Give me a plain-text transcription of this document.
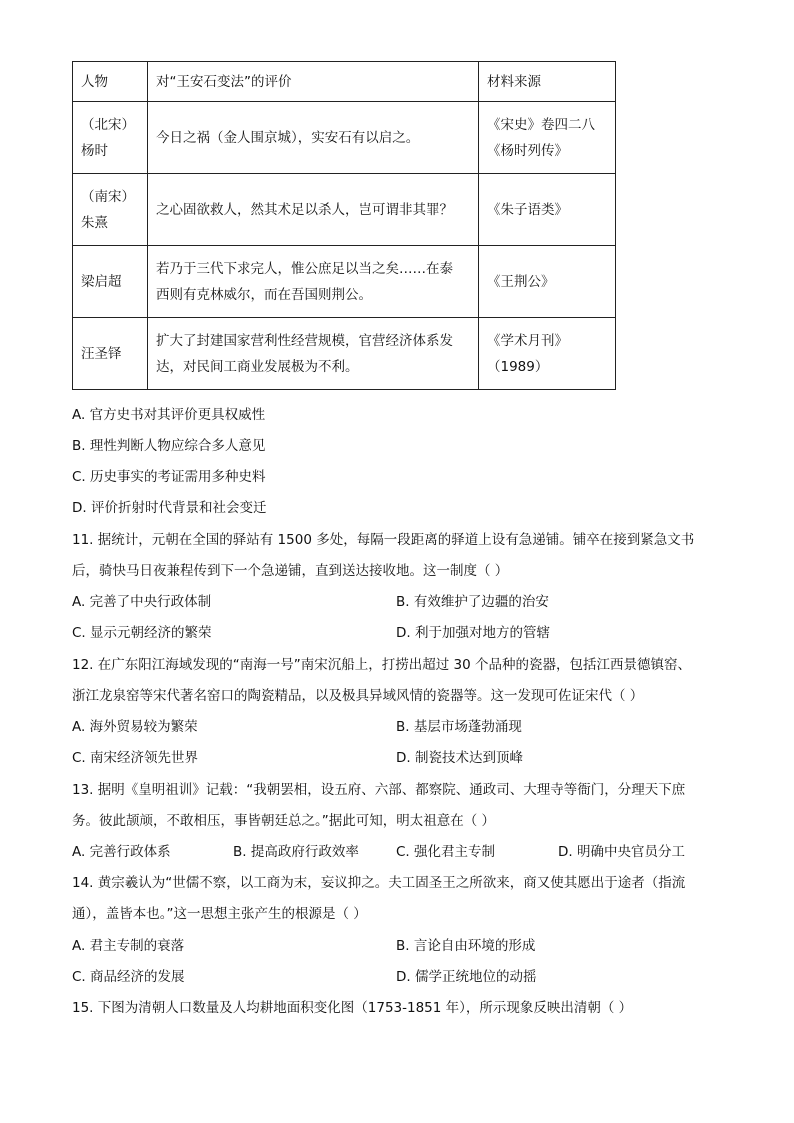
人物	对“王安石变法”的评价	材料来源

（北宋）
杨时	今日之祸（金人围京城），实安石有以启之。	《宋史》卷四二八
《杨时列传》

（南宋）
朱熹	之心固欲救人，然其术足以杀人，岂可谓非其罪？	《朱子语类》

梁启超	若乃于三代下求完人，惟公庶足以当之矣……在泰
西则有克林威尔，而在吾国则荆公。	《王荆公》

汪圣铎	扩大了封建国家营利性经营规模，官营经济体系发
达，对民间工商业发展极为不利。	《学术月刊》
（1989）
A. 官方史书对其评价更具权威性
B. 理性判断人物应综合多人意见
C. 历史事实的考证需用多种史料
D. 评价折射时代背景和社会变迁
11. 据统计，元朝在全国的驿站有 1500 多处，每隔一段距离的驿道上设有急递铺。铺卒在接到紧急文书
后，骑快马日夜兼程传到下一个急递铺，直到送达接收地。这一制度（ ）
A. 完善了中央行政体制	B. 有效维护了边疆的治安
C. 显示元朝经济的繁荣	D. 利于加强对地方的管辖
12. 在广东阳江海域发现的“南海一号”南宋沉船上，打捞出超过 30 个品种的瓷器，包括江西景德镇窑、
浙江龙泉窑等宋代著名窑口的陶瓷精品，以及极具异域风情的瓷器等。这一发现可佐证宋代（ ）
A. 海外贸易较为繁荣	B. 基层市场蓬勃涌现
C. 南宋经济领先世界	D. 制瓷技术达到顶峰
13. 据明《皇明祖训》记载：“我朝罢相，设五府、六部、都察院、通政司、大理寺等衙门，分理天下庶
务。彼此颉颃，不敢相压，事皆朝廷总之。”据此可知，明太祖意在（ ）
A. 完善行政体系	B. 提高政府行政效率	C. 强化君主专制	D. 明确中央官员分工
14. 黄宗羲认为“世儒不察，以工商为末，妄议抑之。夫工固圣王之所欲来，商又使其愿出于途者（指流
通），盖皆本也。”这一思想主张产生的根源是（ ）
A. 君主专制的衰落	B. 言论自由环境的形成
C. 商品经济的发展	D. 儒学正统地位的动摇
15. 下图为清朝人口数量及人均耕地面积变化图（1753-1851 年），所示现象反映出清朝（ ）
